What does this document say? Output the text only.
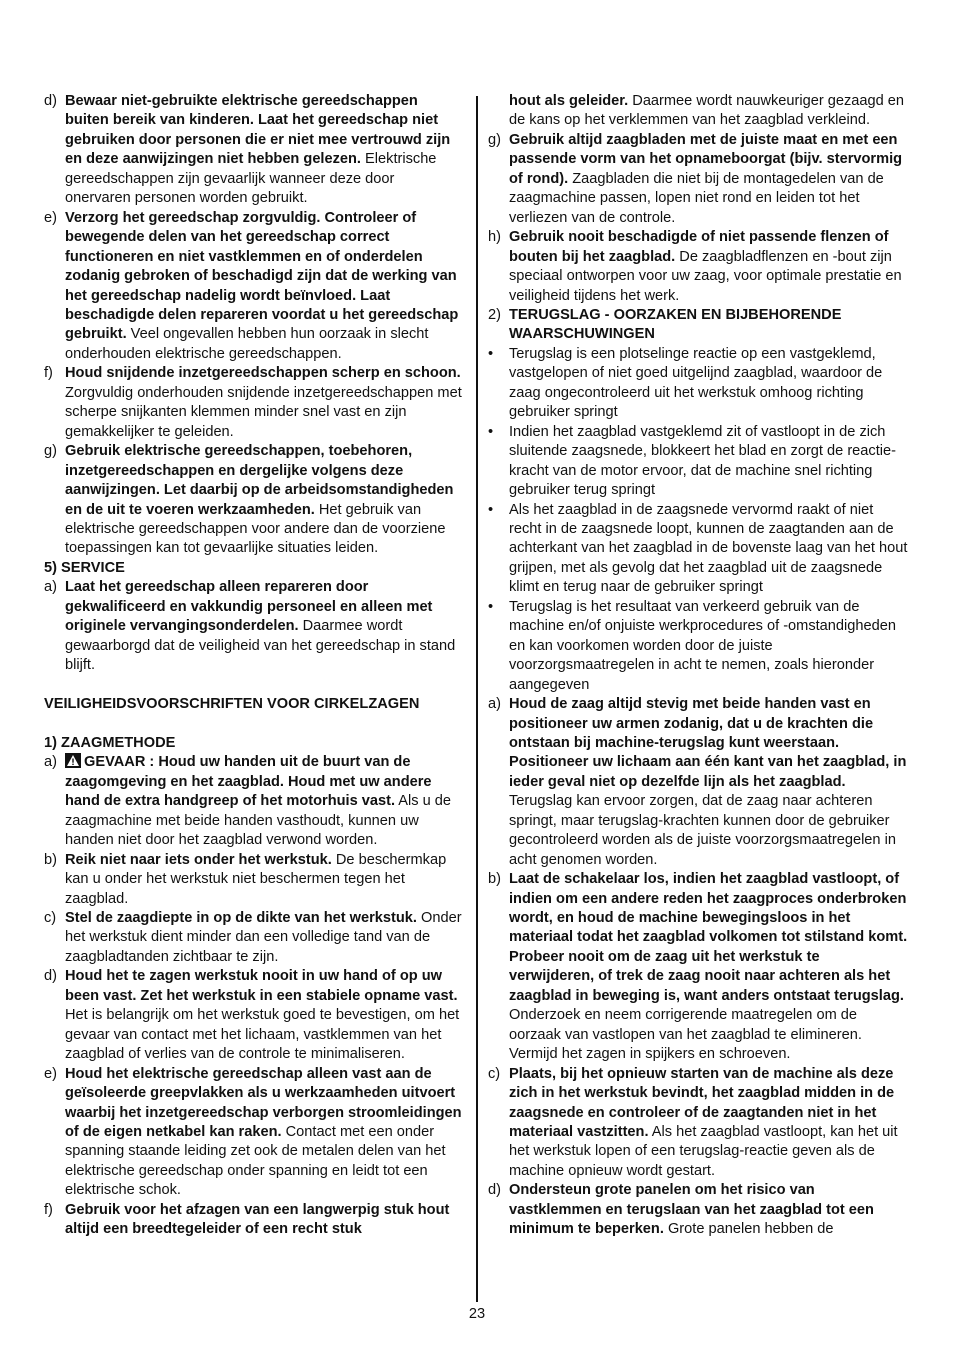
d) Bewaar niet-gebruikte elektrische gereedschappen buiten bereik van kinderen. Laat het gereedschap niet gebruiken door personen die er niet mee vertrouwd zijn en deze aanwijzingen niet hebben gelezen. Elektrische gereedschappen zijn gevaarlijk wanneer deze door onervaren personen worden gebruikt.
e) Verzorg het gereedschap zorgvuldig. Controleer of bewegende delen van het gereedschap correct functioneren en niet vastklemmen en of onderdelen zodanig gebroken of beschadigd zijn dat de werking van het gereedschap nadelig wordt beïnvloed. Laat beschadigde delen repareren voordat u het gereedschap gebruikt. Veel ongevallen hebben hun oorzaak in slecht onderhouden elektrische gereedschappen.
f) Houd snijdende inzetgereedschappen scherp en schoon. Zorgvuldig onderhouden snijdende inzetgereedschappen met scherpe snijkanten klemmen minder snel vast en zijn gemakkelijker te geleiden.
g) Gebruik elektrische gereedschappen, toebehoren, inzetgereedschappen en dergelijke volgens deze aanwijzingen. Let daarbij op de arbeidsomstandigheden en de uit te voeren werkzaamheden. Het gebruik van elektrische gereedschappen voor andere dan de voorziene toepassingen kan tot gevaarlijke situaties leiden.
5) SERVICE
a) Laat het gereedschap alleen repareren door gekwalificeerd en vakkundig personeel en alleen met originele vervangingsonderdelen. Daarmee wordt gewaarborgd dat de veiligheid van het gereedschap in stand blijft.
VEILIGHEIDSVOORSCHRIFTEN VOOR CIRKELZAGEN
1) ZAAGMETHODE
a)	GEVAAR : Houd uw handen uit de buurt van de zaagomgeving en het zaagblad. Houd met uw andere hand de extra handgreep of het motorhuis vast. Als u de zaagmachine met beide handen vasthoudt, kunnen uw handen niet door het zaagblad verwond worden.
b) Reik niet naar iets onder het werkstuk. De beschermkap kan u onder het werkstuk niet beschermen tegen het zaagblad.
c) Stel de zaagdiepte in op de dikte van het werkstuk. Onder het werkstuk dient minder dan een volledige tand van de zaagbladtanden zichtbaar te zijn.
d) Houd het te zagen werkstuk nooit in uw hand of op uw been vast. Zet het werkstuk in een stabiele opname vast. Het is belangrijk om het werkstuk goed te bevestigen, om het gevaar van contact met het lichaam, vastklemmen van het zaagblad of verlies van de controle te minimaliseren.
e) Houd het elektrische gereedschap alleen vast aan de geïsoleerde greepvlakken als u werkzaamheden uitvoert waarbij het inzetgereedschap verborgen stroomleidingen of de eigen netkabel kan raken. Contact met een onder spanning staande leiding zet ook de metalen delen van het elektrische gereedschap onder spanning en leidt tot een elektrische schok.
f) Gebruik voor het afzagen van een langwerpig stuk hout altijd een breedtegeleider of een recht stuk
hout als geleider. Daarmee wordt nauwkeuriger gezaagd en de kans op het verklemmen van het zaagblad verkleind.
g) Gebruik altijd zaagbladen met de juiste maat en met een passende vorm van het opnameboorgat (bijv. stervormig of rond). Zaagbladen die niet bij de montagedelen van de zaagmachine passen, lopen niet rond en leiden tot het verliezen van de controle.
h) Gebruik nooit beschadigde of niet passende flenzen of bouten bij het zaagblad. De zaagbladflenzen en -bout zijn speciaal ontworpen voor uw zaag, voor optimale prestatie en veiligheid tijdens het werk.
2) TERUGSLAG - OORZAKEN EN BIJBEHORENDE WAARSCHUWINGEN
•	Terugslag is een plotselinge reactie op een vastgeklemd, vastgelopen of niet goed uitgelijnd zaagblad, waardoor de zaag ongecontroleerd uit het werkstuk omhoog richting gebruiker springt
•	Indien het zaagblad vastgeklemd zit of vastloopt in de zich sluitende zaagsnede, blokkeert het blad en zorgt de reactie-kracht van de motor ervoor, dat de machine snel richting gebruiker terug springt
•	Als het zaagblad in de zaagsnede vervormd raakt of niet recht in de zaagsnede loopt, kunnen de zaagtanden aan de achterkant van het zaagblad in de bovenste laag van het hout grijpen, met als gevolg dat het zaagblad uit de zaagsnede klimt en terug naar de gebruiker springt
•	Terugslag is het resultaat van verkeerd gebruik van de machine en/of onjuiste werkprocedures of -omstandigheden en kan voorkomen worden door de juiste voorzorgsmaatregelen in acht te nemen, zoals hieronder aangegeven
a) Houd de zaag altijd stevig met beide handen vast en positioneer uw armen zodanig, dat u de krachten die ontstaan bij machine-terugslag kunt weerstaan. Positioneer uw lichaam aan één kant van het zaagblad, in ieder geval niet op dezelfde lijn als het zaagblad. Terugslag kan ervoor zorgen, dat de zaag naar achteren springt, maar terugslag-krachten kunnen door de gebruiker gecontroleerd worden als de juiste voorzorgsmaatregelen in acht genomen worden.
b) Laat de schakelaar los, indien het zaagblad vastloopt, of indien om een andere reden het zaagproces onderbroken wordt, en houd de machine bewegingsloos in het materiaal todat het zaagblad volkomen tot stilstand komt. Probeer nooit om de zaag uit het werkstuk te verwijderen, of trek de zaag nooit naar achteren als het zaagblad in beweging is, want anders ontstaat terugslag. Onderzoek en neem corrigerende maatregelen om de oorzaak van vastlopen van het zaagblad te elimineren. Vermijd het zagen in spijkers en schroeven.
c) Plaats, bij het opnieuw starten van de machine als deze zich in het werkstuk bevindt, het zaagblad midden in de zaagsnede en controleer of de zaagtanden niet in het materiaal vastzitten. Als het zaagblad vastloopt, kan het uit het werkstuk lopen of een terugslag-reactie geven als de machine opnieuw wordt gestart.
d) Ondersteun grote panelen om het risico van vastklemmen en terugslaan van het zaagblad tot een minimum te beperken. Grote panelen hebben de
23
